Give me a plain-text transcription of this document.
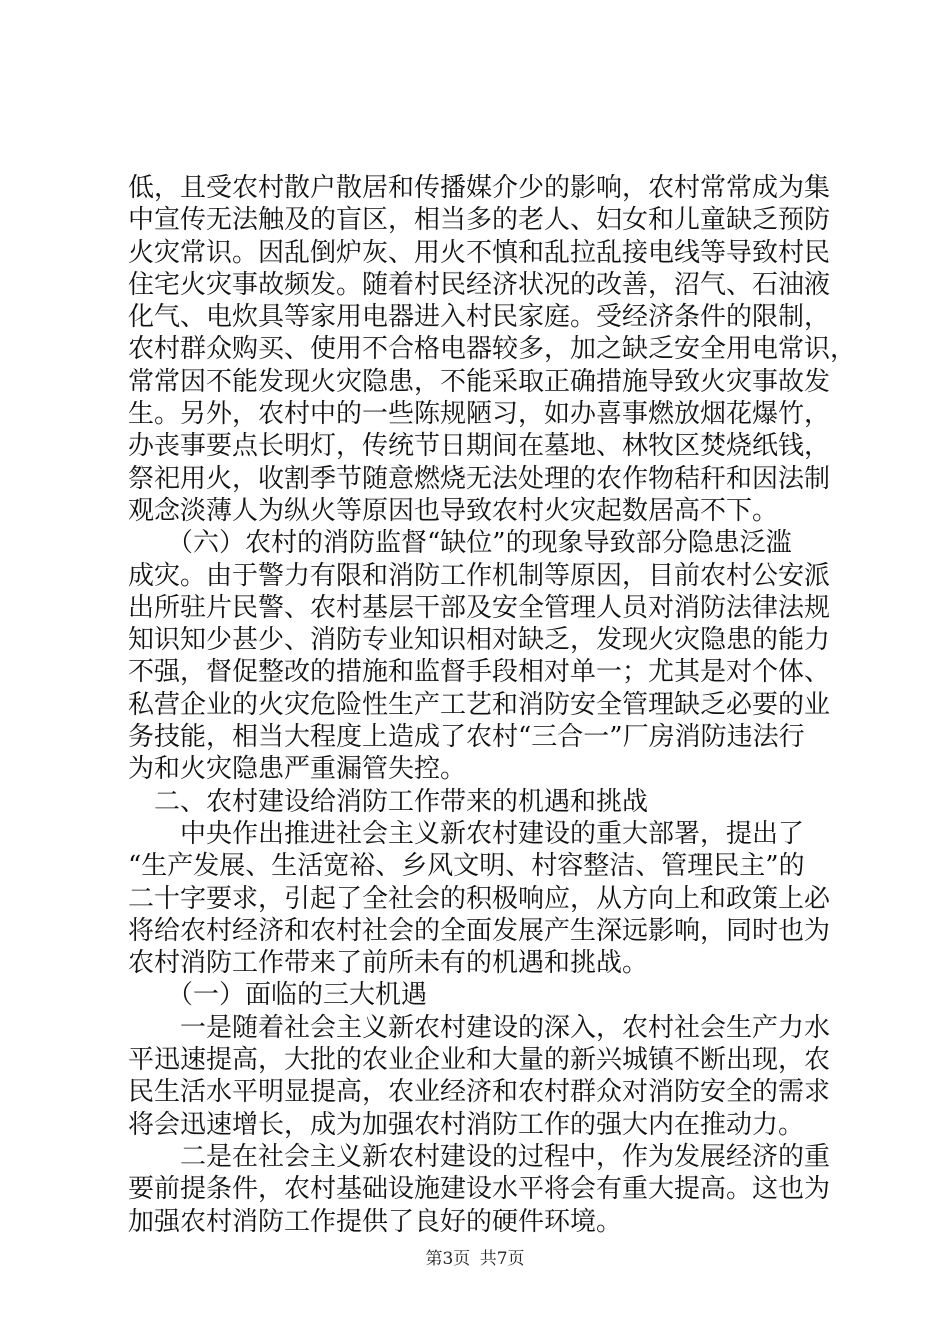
低，且受农村散户散居和传播媒介少的影响，农村常常成为集
中宣传无法触及的盲区，相当多的老人、妇女和儿童缺乏预防
火灾常识。因乱倒炉灰、用火不慎和乱拉乱接电线等导致村民
住宅火灾事故频发。随着村民经济状况的改善，沼气、石油液
化气、电炊具等家用电器进入村民家庭。受经济条件的限制，
农村群众购买、使用不合格电器较多，加之缺乏安全用电常识，
常常因不能发现火灾隐患，不能采取正确措施导致火灾事故发
生。另外，农村中的一些陈规陋习，如办喜事燃放烟花爆竹，
办丧事要点长明灯，传统节日期间在墓地、林牧区焚烧纸钱，
祭祀用火，收割季节随意燃烧无法处理的农作物秸秆和因法制
观念淡薄人为纵火等原因也导致农村火灾起数居高不下。
　　（六）农村的消防监督“缺位”的现象导致部分隐患泛滥
成灾。由于警力有限和消防工作机制等原因，目前农村公安派
出所驻片民警、农村基层干部及安全管理人员对消防法律法规
知识知少甚少、消防专业知识相对缺乏，发现火灾隐患的能力
不强，督促整改的措施和监督手段相对单一；尤其是对个体、
私营企业的火灾危险性生产工艺和消防安全管理缺乏必要的业
务技能，相当大程度上造成了农村“三合一”厂房消防违法行
为和火灾隐患严重漏管失控。
　二、农村建设给消防工作带来的机遇和挑战
　　中央作出推进社会主义新农村建设的重大部署，提出了
“生产发展、生活宽裕、乡风文明、村容整洁、管理民主”的
二十字要求，引起了全社会的积极响应，从方向上和政策上必
将给农村经济和农村社会的全面发展产生深远影响，同时也为
农村消防工作带来了前所未有的机遇和挑战。
　　（一）面临的三大机遇
　　一是随着社会主义新农村建设的深入，农村社会生产力水
平迅速提高，大批的农业企业和大量的新兴城镇不断出现，农
民生活水平明显提高，农业经济和农村群众对消防安全的需求
将会迅速增长，成为加强农村消防工作的强大内在推动力。
　　二是在社会主义新农村建设的过程中，作为发展经济的重
要前提条件，农村基础设施建设水平将会有重大提高。这也为
加强农村消防工作提供了良好的硬件环境。
第3页 共7页
